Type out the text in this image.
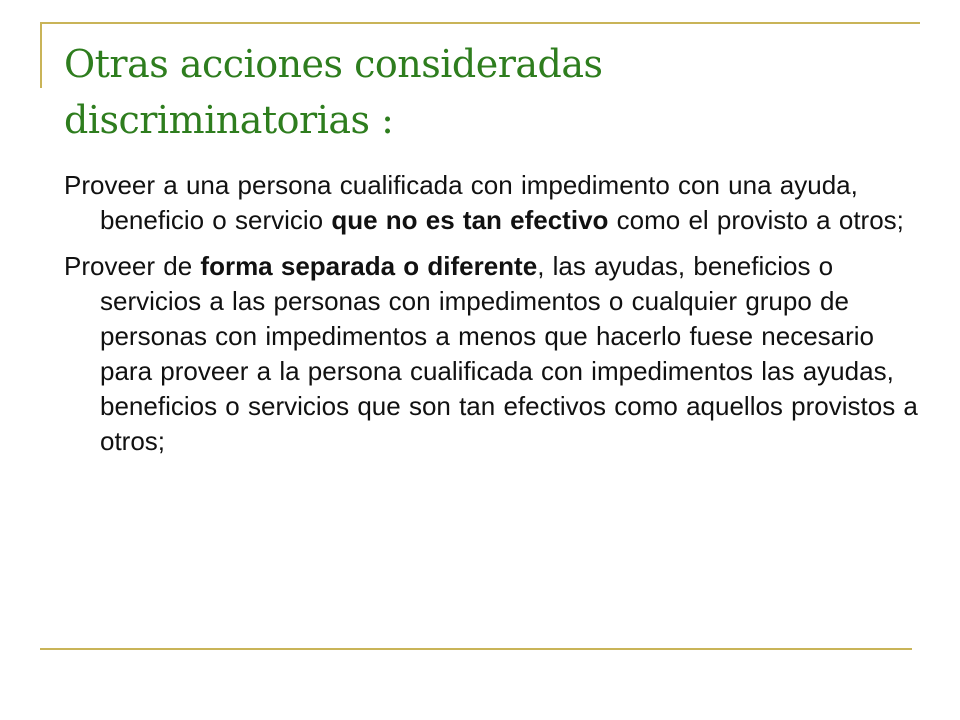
Otras acciones consideradas discriminatorias :

Proveer a una persona cualificada con impedimento con una ayuda, beneficio o servicio que no es tan efectivo como el provisto a otros;

Proveer de forma separada o diferente, las ayudas, beneficios o servicios a las personas con impedimentos o cualquier grupo de personas con impedimentos a menos que hacerlo fuese necesario para proveer a la persona cualificada con impedimentos las ayudas, beneficios o servicios que son tan efectivos como aquellos provistos a otros;
